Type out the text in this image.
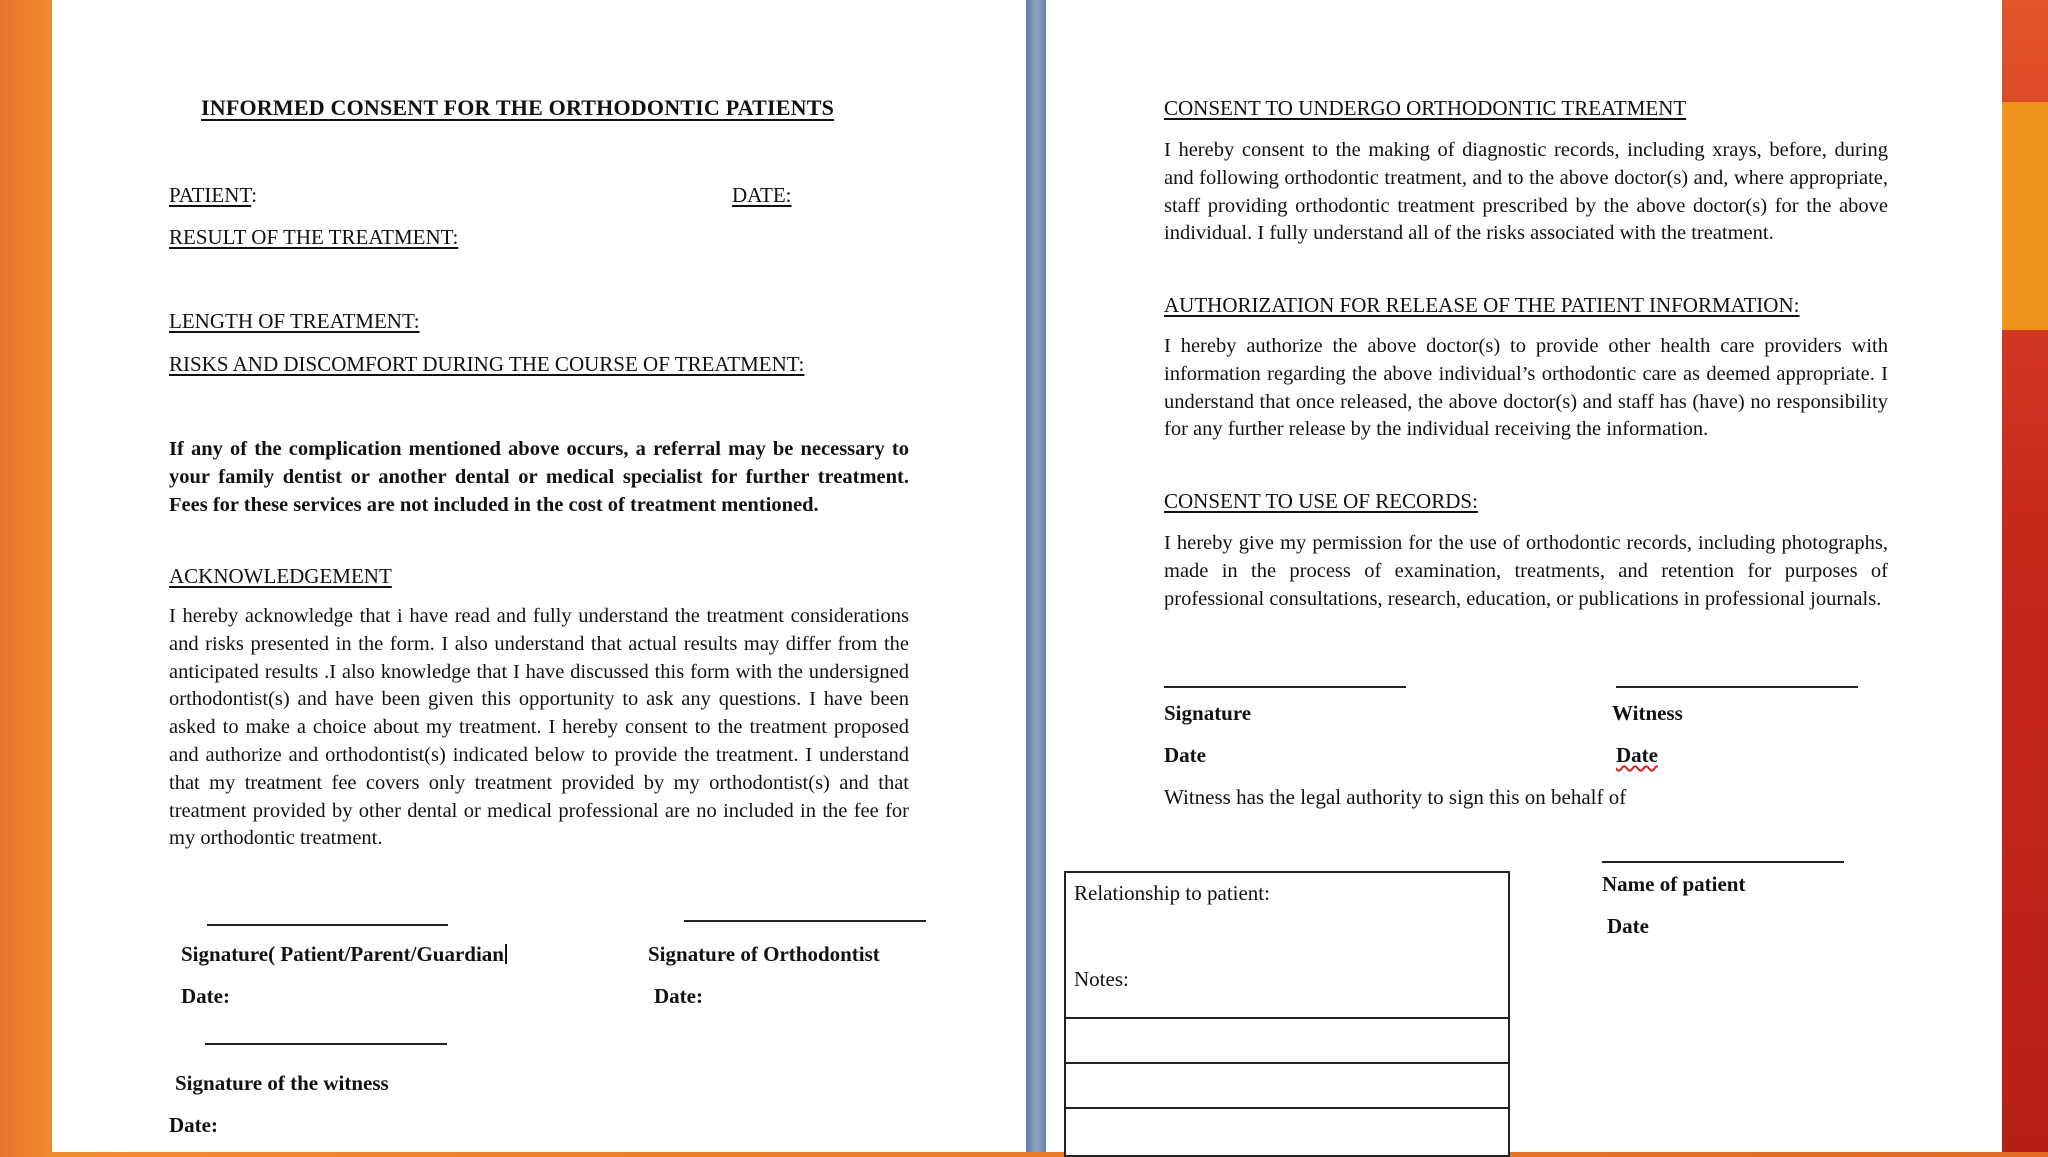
INFORMED CONSENT FOR THE ORTHODONTIC PATIENTS
PATIENT:	DATE:
RESULT OF THE TREATMENT:
LENGTH OF TREATMENT:
RISKS AND DISCOMFORT DURING THE COURSE OF TREATMENT:
If any of the complication mentioned above occurs, a referral may be necessary to your family dentist or another dental or medical specialist for further treatment. Fees for these services are not included in the cost of treatment mentioned.
ACKNOWLEDGEMENT
I hereby acknowledge that i have read and fully understand the treatment considerations and risks presented in the form. I also understand that actual results may differ from the anticipated results .I also knowledge that I have discussed this form with the undersigned orthodontist(s) and have been given this opportunity to ask any questions. I have been asked to make a choice about my treatment. I hereby consent to the treatment proposed and authorize and orthodontist(s) indicated below to provide the treatment. I understand that my treatment fee covers only treatment provided by my orthodontist(s) and that treatment provided by other dental or medical professional are no included in the fee for my orthodontic treatment.
Signature( Patient/Parent/Guardian	Signature of Orthodontist
Date:	Date:
Signature of the witness
Date:
CONSENT TO UNDERGO ORTHODONTIC TREATMENT
I hereby consent to the making of diagnostic records, including xrays, before, during and following orthodontic treatment, and to the above doctor(s) and, where appropriate, staff providing orthodontic treatment prescribed by the above doctor(s) for the above individual. I fully understand all of the risks associated with the treatment.
AUTHORIZATION FOR RELEASE OF THE PATIENT INFORMATION:
I hereby authorize the above doctor(s) to provide other health care providers with information regarding the above individual’s orthodontic care as deemed appropriate. I understand that once released, the above doctor(s) and staff has (have) no responsibility for any further release by the individual receiving the information.
CONSENT TO USE OF RECORDS:
I hereby give my permission for the use of orthodontic records, including photographs, made in the process of examination, treatments, and retention for purposes of professional consultations, research, education, or publications in professional journals.
Signature	Witness
Date	Date
Witness has the legal authority to sign this on behalf of
Name of patient
Date
Relationship to patient:
Notes:
